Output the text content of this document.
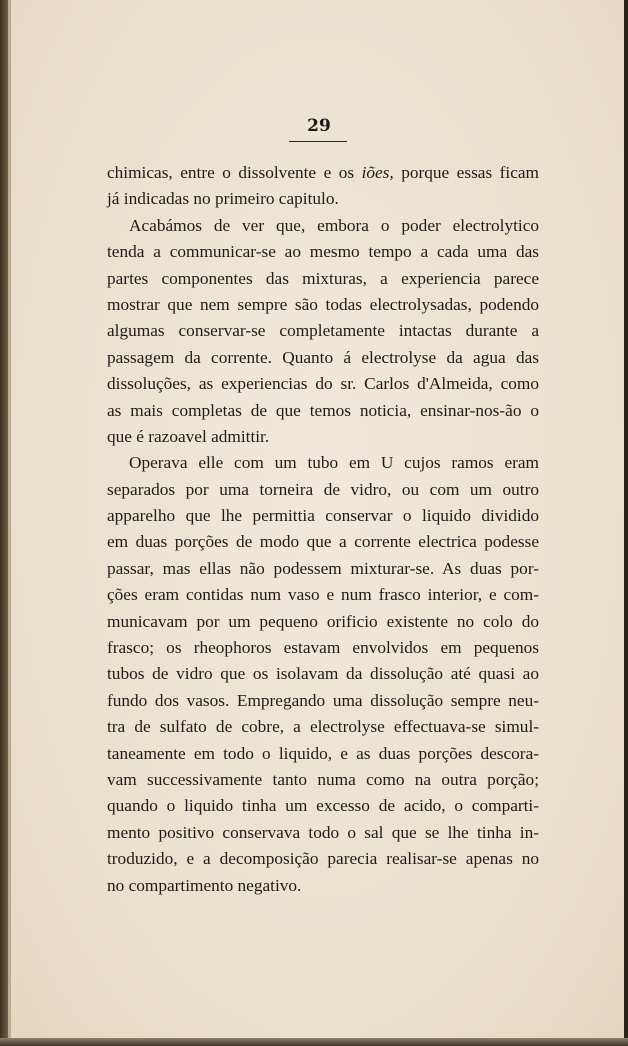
29
chimicas, entre o dissolvente e os iões, porque essas ficam
já indicadas no primeiro capitulo.
Acabámos de ver que, embora o poder electrolytico
tenda a communicar-se ao mesmo tempo a cada uma das
partes componentes das mixturas, a experiencia parece
mostrar que nem sempre são todas electrolysadas, podendo
algumas conservar-se completamente intactas durante a
passagem da corrente. Quanto á electrolyse da agua das
dissoluções, as experiencias do sr. Carlos d'Almeida, como
as mais completas de que temos noticia, ensinar-nos-ão o
que é razoavel admittir.
Operava elle com um tubo em U cujos ramos eram
separados por uma torneira de vidro, ou com um outro
apparelho que lhe permittia conservar o liquido dividido
em duas porções de modo que a corrente electrica podesse
passar, mas ellas não podessem mixturar-se. As duas por-
ções eram contidas num vaso e num frasco interior, e com-
municavam por um pequeno orificio existente no colo do
frasco; os rheophoros estavam envolvidos em pequenos
tubos de vidro que os isolavam da dissolução até quasi ao
fundo dos vasos. Empregando uma dissolução sempre neu-
tra de sulfato de cobre, a electrolyse effectuava-se simul-
taneamente em todo o liquido, e as duas porções descora-
vam successivamente tanto numa como na outra porção;
quando o liquido tinha um excesso de acido, o comparti-
mento positivo conservava todo o sal que se lhe tinha in-
troduzido, e a decomposição parecia realisar-se apenas no
no compartimento negativo.
